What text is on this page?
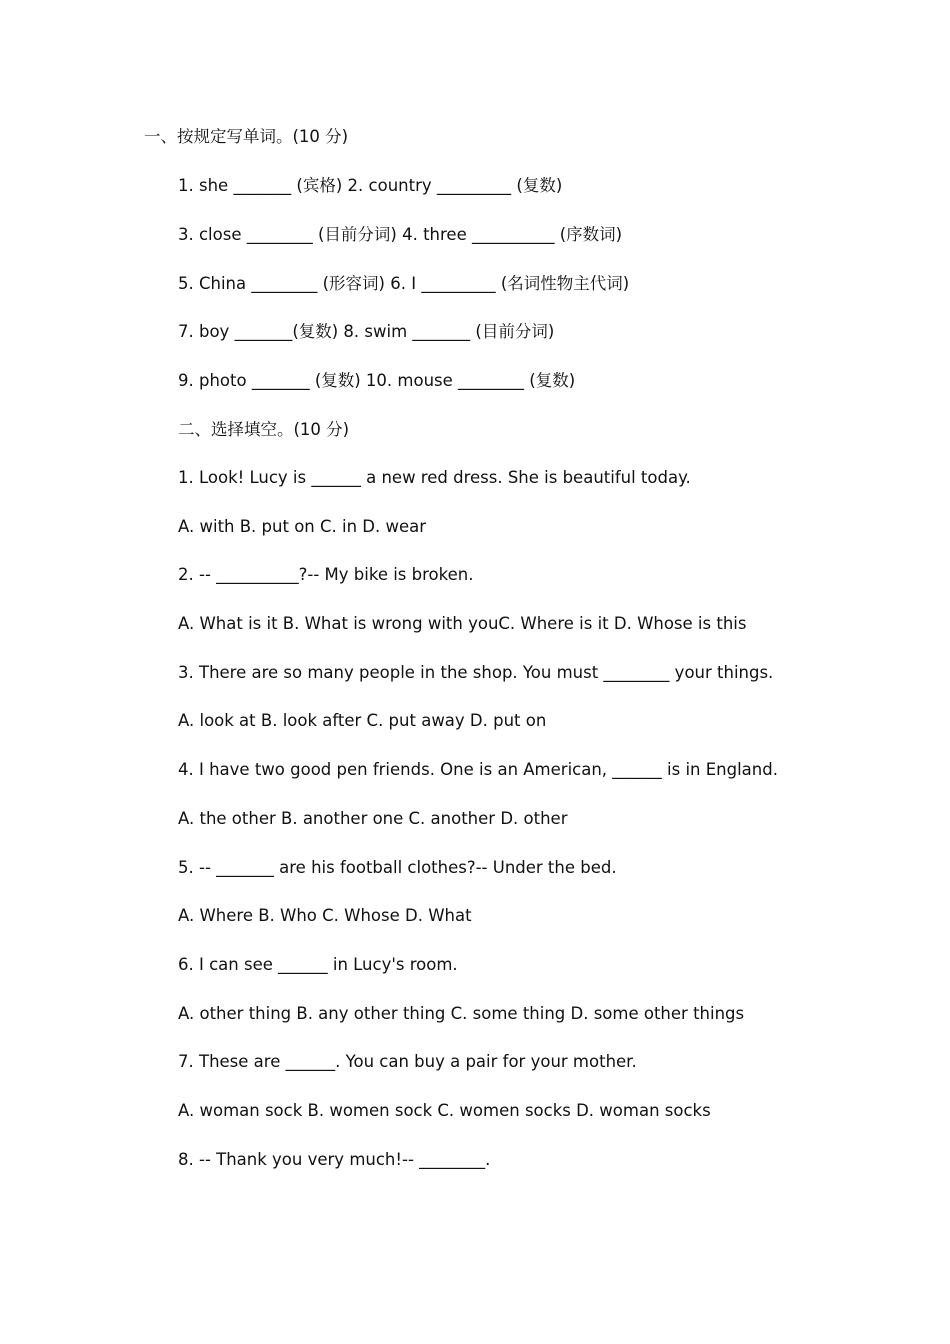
一、按规定写单词。(10 分)
1. she _______ (宾格) 2. country _________ (复数)
3. close ________ (目前分词) 4. three __________ (序数词)
5. China ________ (形容词) 6. I _________ (名词性物主代词)
7. boy _______(复数) 8. swim _______ (目前分词)
9. photo _______ (复数) 10. mouse ________ (复数)
二、选择填空。(10 分)
1. Look! Lucy is ______ a new red dress. She is beautiful today.
A. with B. put on C. in D. wear
2. -- __________?-- My bike is broken.
A. What is it B. What is wrong with youC. Where is it D. Whose is this
3. There are so many people in the shop. You must ________ your things.
A. look at B. look after C. put away D. put on
4. I have two good pen friends. One is an American, ______ is in England.
A. the other B. another one C. another D. other
5. -- _______ are his football clothes?-- Under the bed.
A. Where B. Who C. Whose D. What
6. I can see ______ in Lucy's room.
A. other thing B. any other thing C. some thing D. some other things
7. These are ______. You can buy a pair for your mother.
A. woman sock B. women sock C. women socks D. woman socks
8. -- Thank you very much!-- ________.
